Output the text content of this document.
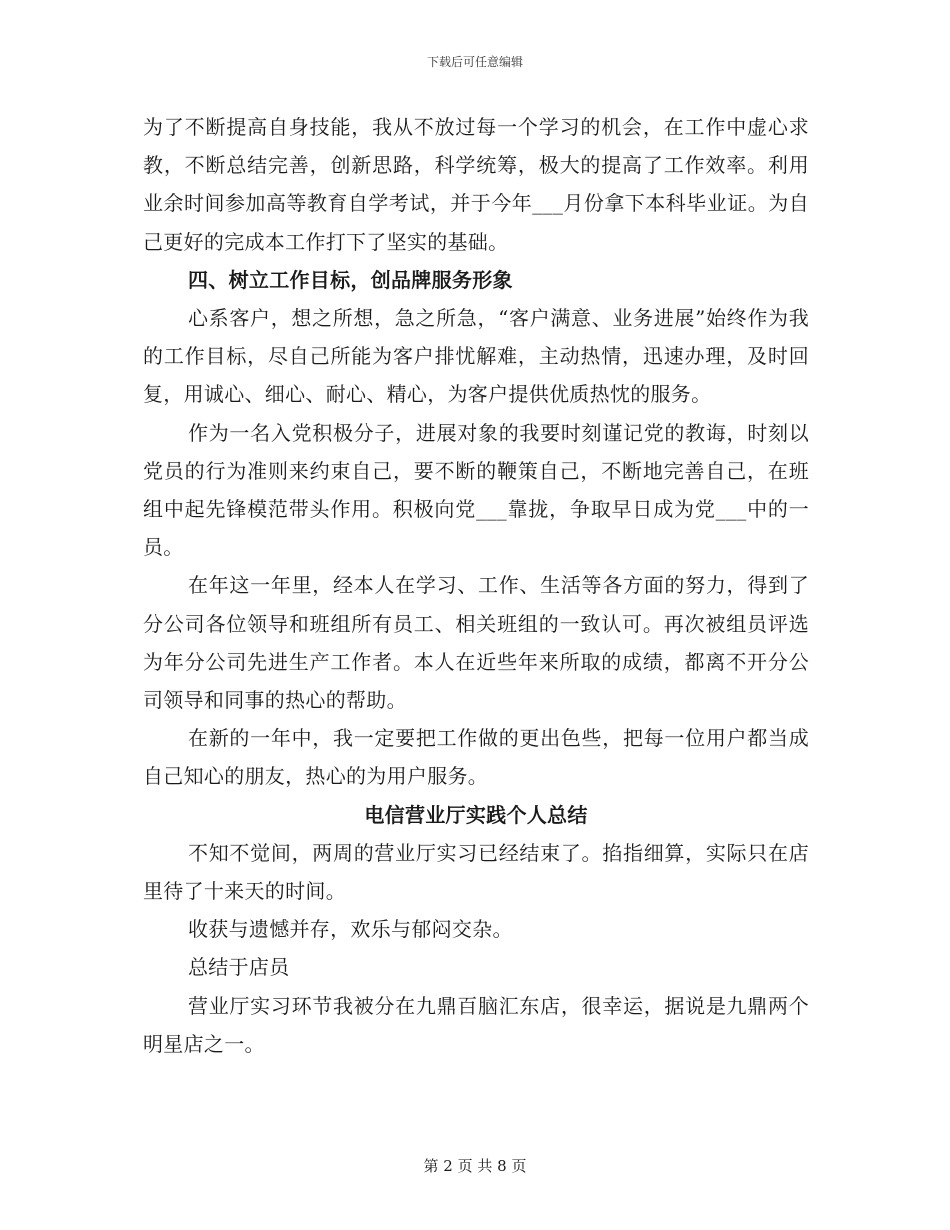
下载后可任意编辑

为了不断提高自身技能，我从不放过每一个学习的机会，在工作中虚心求教，不断总结完善，创新思路，科学统筹，极大的提高了工作效率。利用业余时间参加高等教育自学考试，并于今年___月份拿下本科毕业证。为自己更好的完成本工作打下了坚实的基础。

四、树立工作目标，创品牌服务形象

心系客户，想之所想，急之所急，“客户满意、业务进展”始终作为我的工作目标，尽自己所能为客户排忧解难，主动热情，迅速办理，及时回复，用诚心、细心、耐心、精心，为客户提供优质热忱的服务。

作为一名入党积极分子，进展对象的我要时刻谨记党的教诲，时刻以党员的行为准则来约束自己，要不断的鞭策自己，不断地完善自己，在班组中起先锋模范带头作用。积极向党___靠拢，争取早日成为党___中的一员。

在年这一年里，经本人在学习、工作、生活等各方面的努力，得到了分公司各位领导和班组所有员工、相关班组的一致认可。再次被组员评选为年分公司先进生产工作者。本人在近些年来所取的成绩，都离不开分公司领导和同事的热心的帮助。

在新的一年中，我一定要把工作做的更出色些，把每一位用户都当成自己知心的朋友，热心的为用户服务。

电信营业厅实践个人总结

不知不觉间，两周的营业厅实习已经结束了。掐指细算，实际只在店里待了十来天的时间。

收获与遗憾并存，欢乐与郁闷交杂。

总结于店员

营业厅实习环节我被分在九鼎百脑汇东店，很幸运，据说是九鼎两个明星店之一。

第 2 页 共 8 页
